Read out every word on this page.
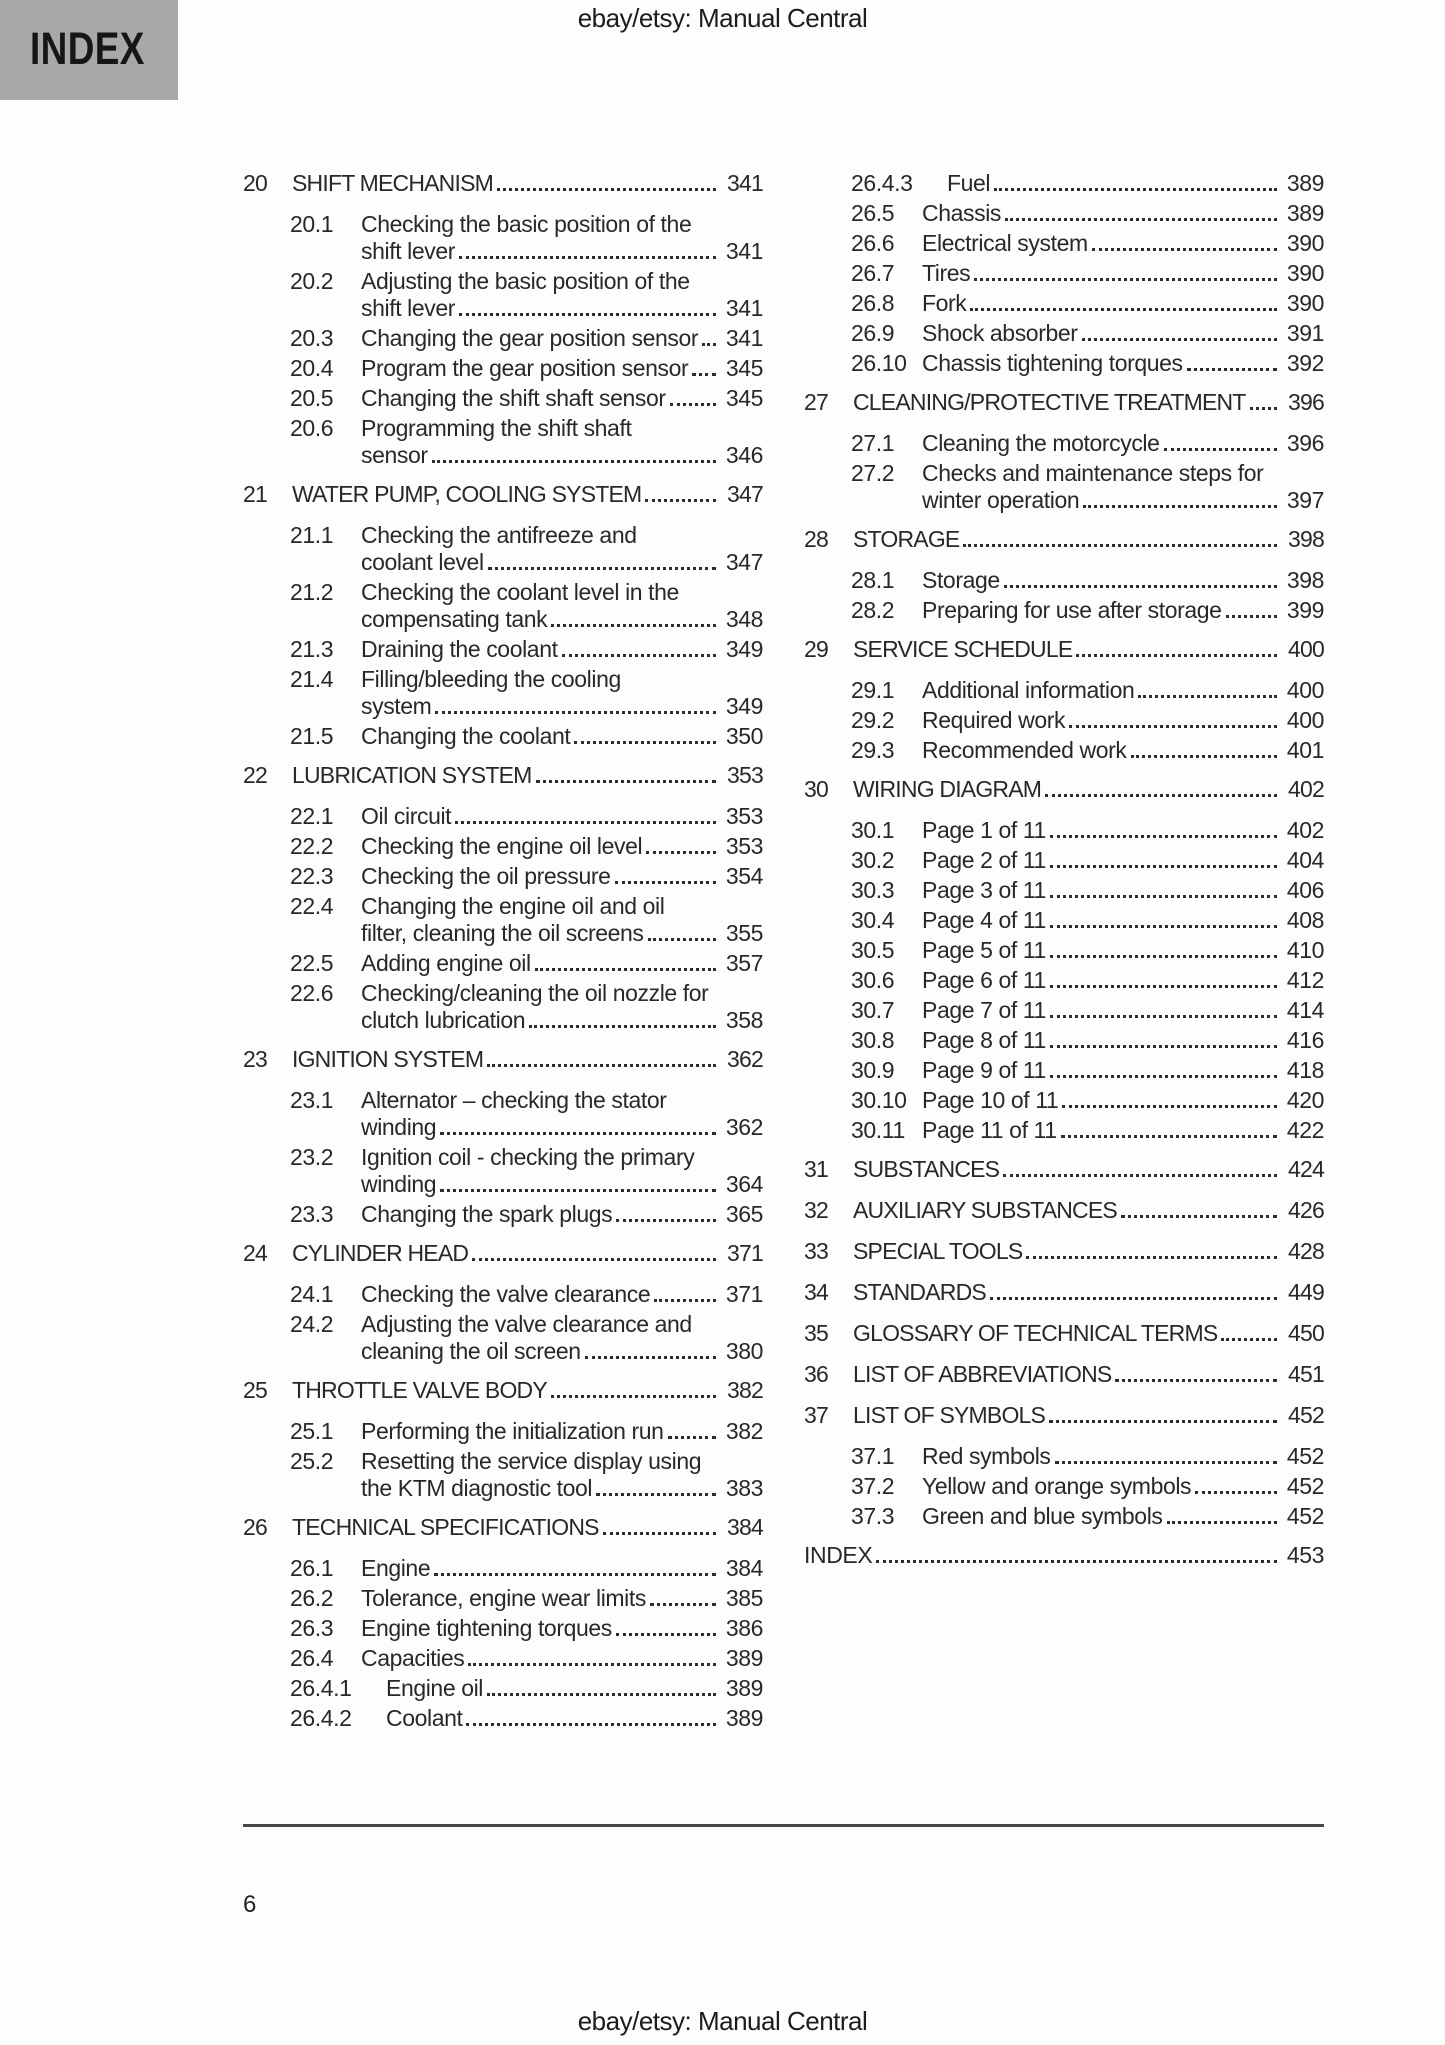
INDEX
ebay/etsy: Manual Central
20	SHIFT MECHANISM	341
20.1	Checking the basic position of the
shift lever	341
20.2	Adjusting the basic position of the
shift lever	341
20.3	Changing the gear position sensor 341
20.4	Program the gear position sensor 345
20.5	Changing the shift shaft sensor	345
20.6	Programming the shift shaft
sensor	346
21	WATER PUMP, COOLING SYSTEM	347
21.1	Checking the antifreeze and
coolant level	347
21.2	Checking the coolant level in the
compensating tank	348
21.3	Draining the coolant	349
21.4	Filling/bleeding the cooling
system	349
21.5	Changing the coolant	350
22	LUBRICATION SYSTEM	353
22.1	Oil circuit	353
22.2	Checking the engine oil level	353
22.3	Checking the oil pressure	354
22.4	Changing the engine oil and oil
filter, cleaning the oil screens	355
22.5	Adding engine oil	357
22.6	Checking/cleaning the oil nozzle for
clutch lubrication	358
23	IGNITION SYSTEM	362
23.1	Alternator – checking the stator
winding	362
23.2	Ignition coil - checking the primary
winding	364
23.3	Changing the spark plugs	365
24	CYLINDER HEAD	371
24.1	Checking the valve clearance	371
24.2	Adjusting the valve clearance and
cleaning the oil screen	380
25	THROTTLE VALVE BODY	382
25.1	Performing the initialization run	382
25.2	Resetting the service display using
the KTM diagnostic tool	383
26	TECHNICAL SPECIFICATIONS	384
26.1	Engine	384
26.2	Tolerance, engine wear limits	385
26.3	Engine tightening torques	386
26.4	Capacities	389
26.4.1	Engine oil	389
26.4.2	Coolant	389
26.4.3	Fuel	389
26.5	Chassis	389
26.6	Electrical system	390
26.7	Tires	390
26.8	Fork	390
26.9	Shock absorber	391
26.10 Chassis tightening torques	392
27	CLEANING/PROTECTIVE TREATMENT 396
27.1	Cleaning the motorcycle	396
27.2	Checks and maintenance steps for
winter operation	397
28	STORAGE	398
28.1	Storage	398
28.2	Preparing for use after storage	399
29	SERVICE SCHEDULE	400
29.1	Additional information	400
29.2	Required work	400
29.3	Recommended work	401
30	WIRING DIAGRAM	402
30.1	Page 1 of 11	402
30.2	Page 2 of 11	404
30.3	Page 3 of 11	406
30.4	Page 4 of 11	408
30.5	Page 5 of 11	410
30.6	Page 6 of 11	412
30.7	Page 7 of 11	414
30.8	Page 8 of 11	416
30.9	Page 9 of 11	418
30.10 Page 10 of 11	420
30.11 Page 11 of 11	422
31	SUBSTANCES	424
32	AUXILIARY SUBSTANCES	426
33	SPECIAL TOOLS	428
34	STANDARDS	449
35	GLOSSARY OF TECHNICAL TERMS	450
36	LIST OF ABBREVIATIONS	451
37	LIST OF SYMBOLS	452
37.1	Red symbols	452
37.2	Yellow and orange symbols	452
37.3	Green and blue symbols	452
INDEX	453
6
ebay/etsy: Manual Central
